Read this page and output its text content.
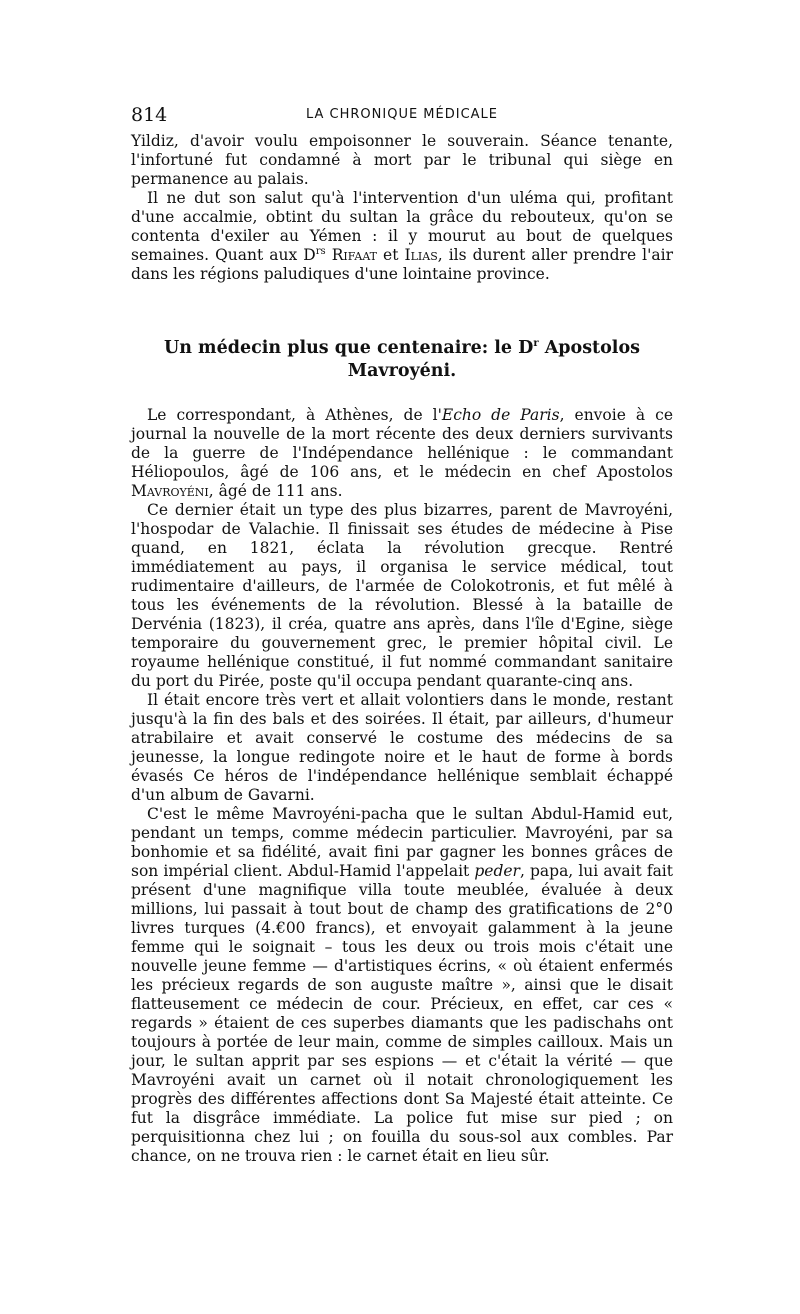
814	LA CHRONIQUE MÉDICALE

Yildiz, d'avoir voulu empoisonner le souverain. Séance tenante, l'infortuné fut condamné à mort par le tribunal qui siège en permanence au palais.

Il ne dut son salut qu'à l'intervention d'un uléma qui, profitant d'une accalmie, obtint du sultan la grâce du rebouteux, qu'on se contenta d'exiler au Yémen : il y mourut au bout de quelques semaines. Quant aux $D^{rs}$ Rifaat et Ilias, ils durent aller prendre l'air dans les régions paludiques d'une lointaine province.

Un médecin plus que centenaire: le $D^r$ Apostolos Mavroyéni.

Le correspondant, à Athènes, de l'Echo de Paris, envoie à ce journal la nouvelle de la mort récente des deux derniers survivants de la guerre de l'Indépendance hellénique : le commandant Héliopoulos, âgé de 106 ans, et le médecin en chef Apostolos Mavroyéni, âgé de 111 ans.

Ce dernier était un type des plus bizarres, parent de Mavroyéni, l'hospodar de Valachie. Il finissait ses études de médecine à Pise quand, en 1821, éclata la révolution grecque. Rentré immédiatement au pays, il organisa le service médical, tout rudimentaire d'ailleurs, de l'armée de Colokotronis, et fut mêlé à tous les événements de la révolution. Blessé à la bataille de Dervénia (1823), il créa, quatre ans après, dans l'île d'Egine, siège temporaire du gouvernement grec, le premier hôpital civil. Le royaume hellénique constitué, il fut nommé commandant sanitaire du port du Pirée, poste qu'il occupa pendant quarante-cinq ans.

Il était encore très vert et allait volontiers dans le monde, restant jusqu'à la fin des bals et des soirées. Il était, par ailleurs, d'humeur atrabilaire et avait conservé le costume des médecins de sa jeunesse, la longue redingote noire et le haut de forme à bords évasés Ce héros de l'indépendance hellénique semblait échappé d'un album de Gavarni.

C'est le même Mavroyéni-pacha que le sultan Abdul-Hamid eut, pendant un temps, comme médecin particulier. Mavroyéni, par sa bonhomie et sa fidélité, avait fini par gagner les bonnes grâces de son impérial client. Abdul-Hamid l'appelait peder, papa, lui avait fait présent d'une magnifique villa toute meublée, évaluée à deux millions, lui passait à tout bout de champ des gratifications de 2°0 livres turques (4.€00 francs), et envoyait galamment à la jeune femme qui le soignait – tous les deux ou trois mois c'était une nouvelle jeune femme — d'artistiques écrins, « où étaient enfermés les précieux regards de son auguste maître », ainsi que le disait flatteusement ce médecin de cour. Précieux, en effet, car ces « regards » étaient de ces superbes diamants que les padischahs ont toujours à portée de leur main, comme de simples cailloux. Mais un jour, le sultan apprit par ses espions — et c'était la vérité — que Mavroyéni avait un carnet où il notait chronologiquement les progrès des différentes affections dont Sa Majesté était atteinte. Ce fut la disgrâce immédiate. La police fut mise sur pied ; on perquisitionna chez lui ; on fouilla du sous-sol aux combles. Par chance, on ne trouva rien : le carnet était en lieu sûr.
